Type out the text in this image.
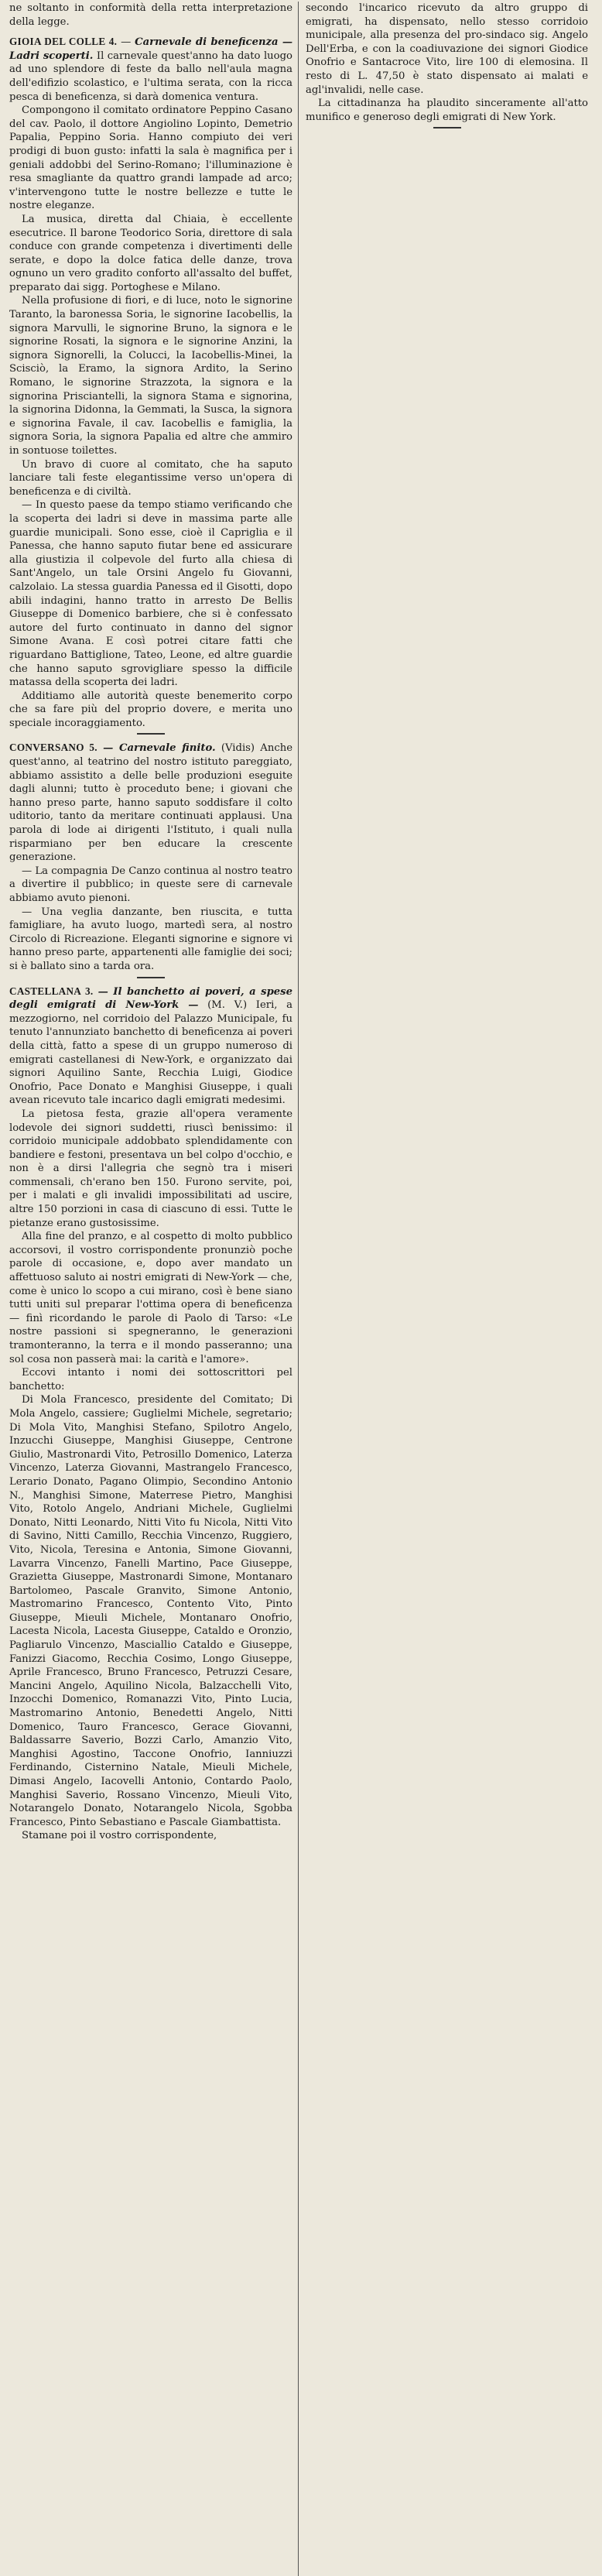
ne soltanto in conformità della retta interpretazione della legge.

GIOIA DEL COLLE 4. — Carnevale di beneficenza — Ladri scoperti. Il carnevale quest'anno ha dato luogo ad uno splendore di feste da ballo nell'aula magna dell'edifizio scolastico, e l'ultima serata, con la ricca pesca di beneficenza, si darà domenica ventura.

Compongono il comitato ordinatore Peppino Casano del cav. Paolo, il dottore Angiolino Lopinto, Demetrio Papalia, Peppino Soria. Hanno compiuto dei veri prodigi di buon gusto: infatti la sala è magnifica per i geniali addobbi del Serino-Romano; l'illuminazione è resa smagliante da quattro grandi lampade ad arco; v'intervengono tutte le nostre bellezze e tutte le nostre eleganze.

La musica, diretta dal Chiaia, è eccellente esecutrice. Il barone Teodorico Soria, direttore di sala conduce con grande competenza i divertimenti delle serate, e dopo la dolce fatica delle danze, trova ognuno un vero gradito conforto all'assalto del buffet, preparato dai sigg. Portoghese e Milano.

Nella profusione di fiori, e di luce, noto le signorine Taranto, la baronessa Soria, le signorine Iacobellis, la signora Marvulli, le signorine Bruno, la signora e le signorine Rosati, la signora e le signorine Anzini, la signora Signorelli, la Colucci, la Iacobellis-Minei, la Scisciò, la Eramo, la signora Ardito, la Serino Romano, le signorine Strazzota, la signora e la signorina Prisciantelli, la signora Stama e signorina, la signorina Didonna, la Gemmati, la Susca, la signora e signorina Favale, il cav. Iacobellis e famiglia, la signora Soria, la signora Papalia ed altre che ammiro in sontuose toilettes.

Un bravo di cuore al comitato, che ha saputo lanciare tali feste elegantissime verso un'opera di beneficenza e di civiltà.

— In questo paese da tempo stiamo verificando che la scoperta dei ladri si deve in massima parte alle guardie municipali. Sono esse, cioè il Capriglia e il Panessa, che hanno saputo fiutar bene ed assicurare alla giustizia il colpevole del furto alla chiesa di Sant'Angelo, un tale Orsini Angelo fu Giovanni, calzolaio. La stessa guardia Panessa ed il Gisotti, dopo abili indagini, hanno tratto in arresto De Bellis Giuseppe di Domenico barbiere, che si è confessato autore del furto continuato in danno del signor Simone Avana. E così potrei citare fatti che riguardano Battiglione, Tateo, Leone, ed altre guardie che hanno saputo sgrovigliare spesso la difficile matassa della scoperta dei ladri.

Additiamo alle autorità queste benemerito corpo che sa fare più del proprio dovere, e merita uno speciale incoraggiamento.

CONVERSANO 5. — Carnevale finito. (Vidis) Anche quest'anno, al teatrino del nostro istituto pareggiato, abbiamo assistito a delle belle produzioni eseguite dagli alunni; tutto è proceduto bene; i giovani che hanno preso parte, hanno saputo soddisfare il colto uditorio, tanto da meritare continuati applausi. Una parola di lode ai dirigenti l'Istituto, i quali nulla risparmiano per ben educare la crescente generazione.

— La compagnia De Canzo continua al nostro teatro a divertire il pubblico; in queste sere di carnevale abbiamo avuto pienoni.

— Una veglia danzante, ben riuscita, e tutta famigliare, ha avuto luogo, martedì sera, al nostro Circolo di Ricreazione. Eleganti signorine e signore vi hanno preso parte, appartenenti alle famiglie dei soci; si è ballato sino a tarda ora.

CASTELLANA 3. — Il banchetto ai poveri, a spese degli emigrati di New-York — (M. V.) Ieri, a mezzogiorno, nel corridoio del Palazzo Municipale, fu tenuto l'annunziato banchetto di beneficenza ai poveri della città, fatto a spese di un gruppo numeroso di emigrati castellanesi di New-York, e organizzato dai signori Aquilino Sante, Recchia Luigi, Giodice Onofrio, Pace Donato e Manghisi Giuseppe, i quali avean ricevuto tale incarico dagli emigrati medesimi.

La pietosa festa, grazie all'opera veramente lodevole dei signori suddetti, riuscì benissimo: il corridoio municipale addobbato splendidamente con bandiere e festoni, presentava un bel colpo d'occhio, e non è a dirsi l'allegria che segnò tra i miseri commensali, ch'erano ben 150. Furono servite, poi, per i malati e gli invalidi impossibilitati ad uscire, altre 150 porzioni in casa di ciascuno di essi. Tutte le pietanze erano gustosissime.

Alla fine del pranzo, e al cospetto di molto pubblico accorsovi, il vostro corrispondente pronunziò poche parole di occasione, e, dopo aver mandato un affettuoso saluto ai nostri emigrati di New-York — che, come è unico lo scopo a cui mirano, così è bene siano tutti uniti sul preparar l'ottima opera di beneficenza — finì ricordando le parole di Paolo di Tarso: «Le nostre passioni si spegneranno, le generazioni tramonteranno, la terra e il mondo passeranno; una sol cosa non passerà mai: la carità e l'amore».

Eccovi intanto i nomi dei sottoscrittori pel banchetto:

Di Mola Francesco, presidente del Comitato; Di Mola Angelo, cassiere; Guglielmi Michele, segretario; Di Mola Vito, Manghisi Stefano, Spilotro Angelo, Inzucchi Giuseppe, Manghisi Giuseppe, Centrone Giulio, Mastronardi Vito, Petrosillo Domenico, Laterza Vincenzo, Laterza Giovanni, Mastrangelo Francesco, Lerario Donato, Pagano Olimpio, Secondino Antonio N., Manghisi Simone, Materrese Pietro, Manghisi Vito, Rotolo Angelo, Andriani Michele, Guglielmi Donato, Nitti Leonardo, Nitti Vito fu Nicola, Nitti Vito di Savino, Nitti Camillo, Recchia Vincenzo, Ruggiero, Vito, Nicola, Teresina e Antonia, Simone Giovanni, Lavarra Vincenzo, Fanelli Martino, Pace Giuseppe, Grazietta Giuseppe, Mastronardi Simone, Montanaro Bartolomeo, Pascale Granvito, Simone Antonio, Mastromarino Francesco, Contento Vito, Pinto Giuseppe, Mieuli Michele, Montanaro Onofrio, Lacesta Nicola, Lacesta Giuseppe, Cataldo e Oronzio, Pagliarulo Vincenzo, Masciallio Cataldo e Giuseppe, Fanizzi Giacomo, Recchia Cosimo, Longo Giuseppe, Aprile Francesco, Bruno Francesco, Petruzzi Cesare, Mancini Angelo, Aquilino Nicola, Balzacchelli Vito, Inzocchi Domenico, Romanazzi Vito, Pinto Lucia, Mastromarino Antonio, Benedetti Angelo, Nitti Domenico, Tauro Francesco, Gerace Giovanni, Baldassarre Saverio, Bozzi Carlo, Amanzio Vito, Manghisi Agostino, Taccone Onofrio, Ianniuzzi Ferdinando, Cisternino Natale, Mieuli Michele, Dimasi Angelo, Iacovelli Antonio, Contardo Paolo, Manghisi Saverio, Rossano Vincenzo, Mieuli Vito, Notarangelo Donato, Notarangelo Nicola, Sgobba Francesco, Pinto Sebastiano e Pascale Giambattista.

Stamane poi il vostro corrispondente,

secondo l'incarico ricevuto da altro gruppo di emigrati, ha dispensato, nello stesso corridoio municipale, alla presenza del pro-sindaco sig. Angelo Dell'Erba, e con la coadiuvazione dei signori Giodice Onofrio e Santacroce Vito, lire 100 di elemosina. Il resto di L. 47,50 è stato dispensato ai malati e agl'invalidi, nelle case.

La cittadinanza ha plaudito sinceramente all'atto munifico e generoso degli emigrati di New York.
